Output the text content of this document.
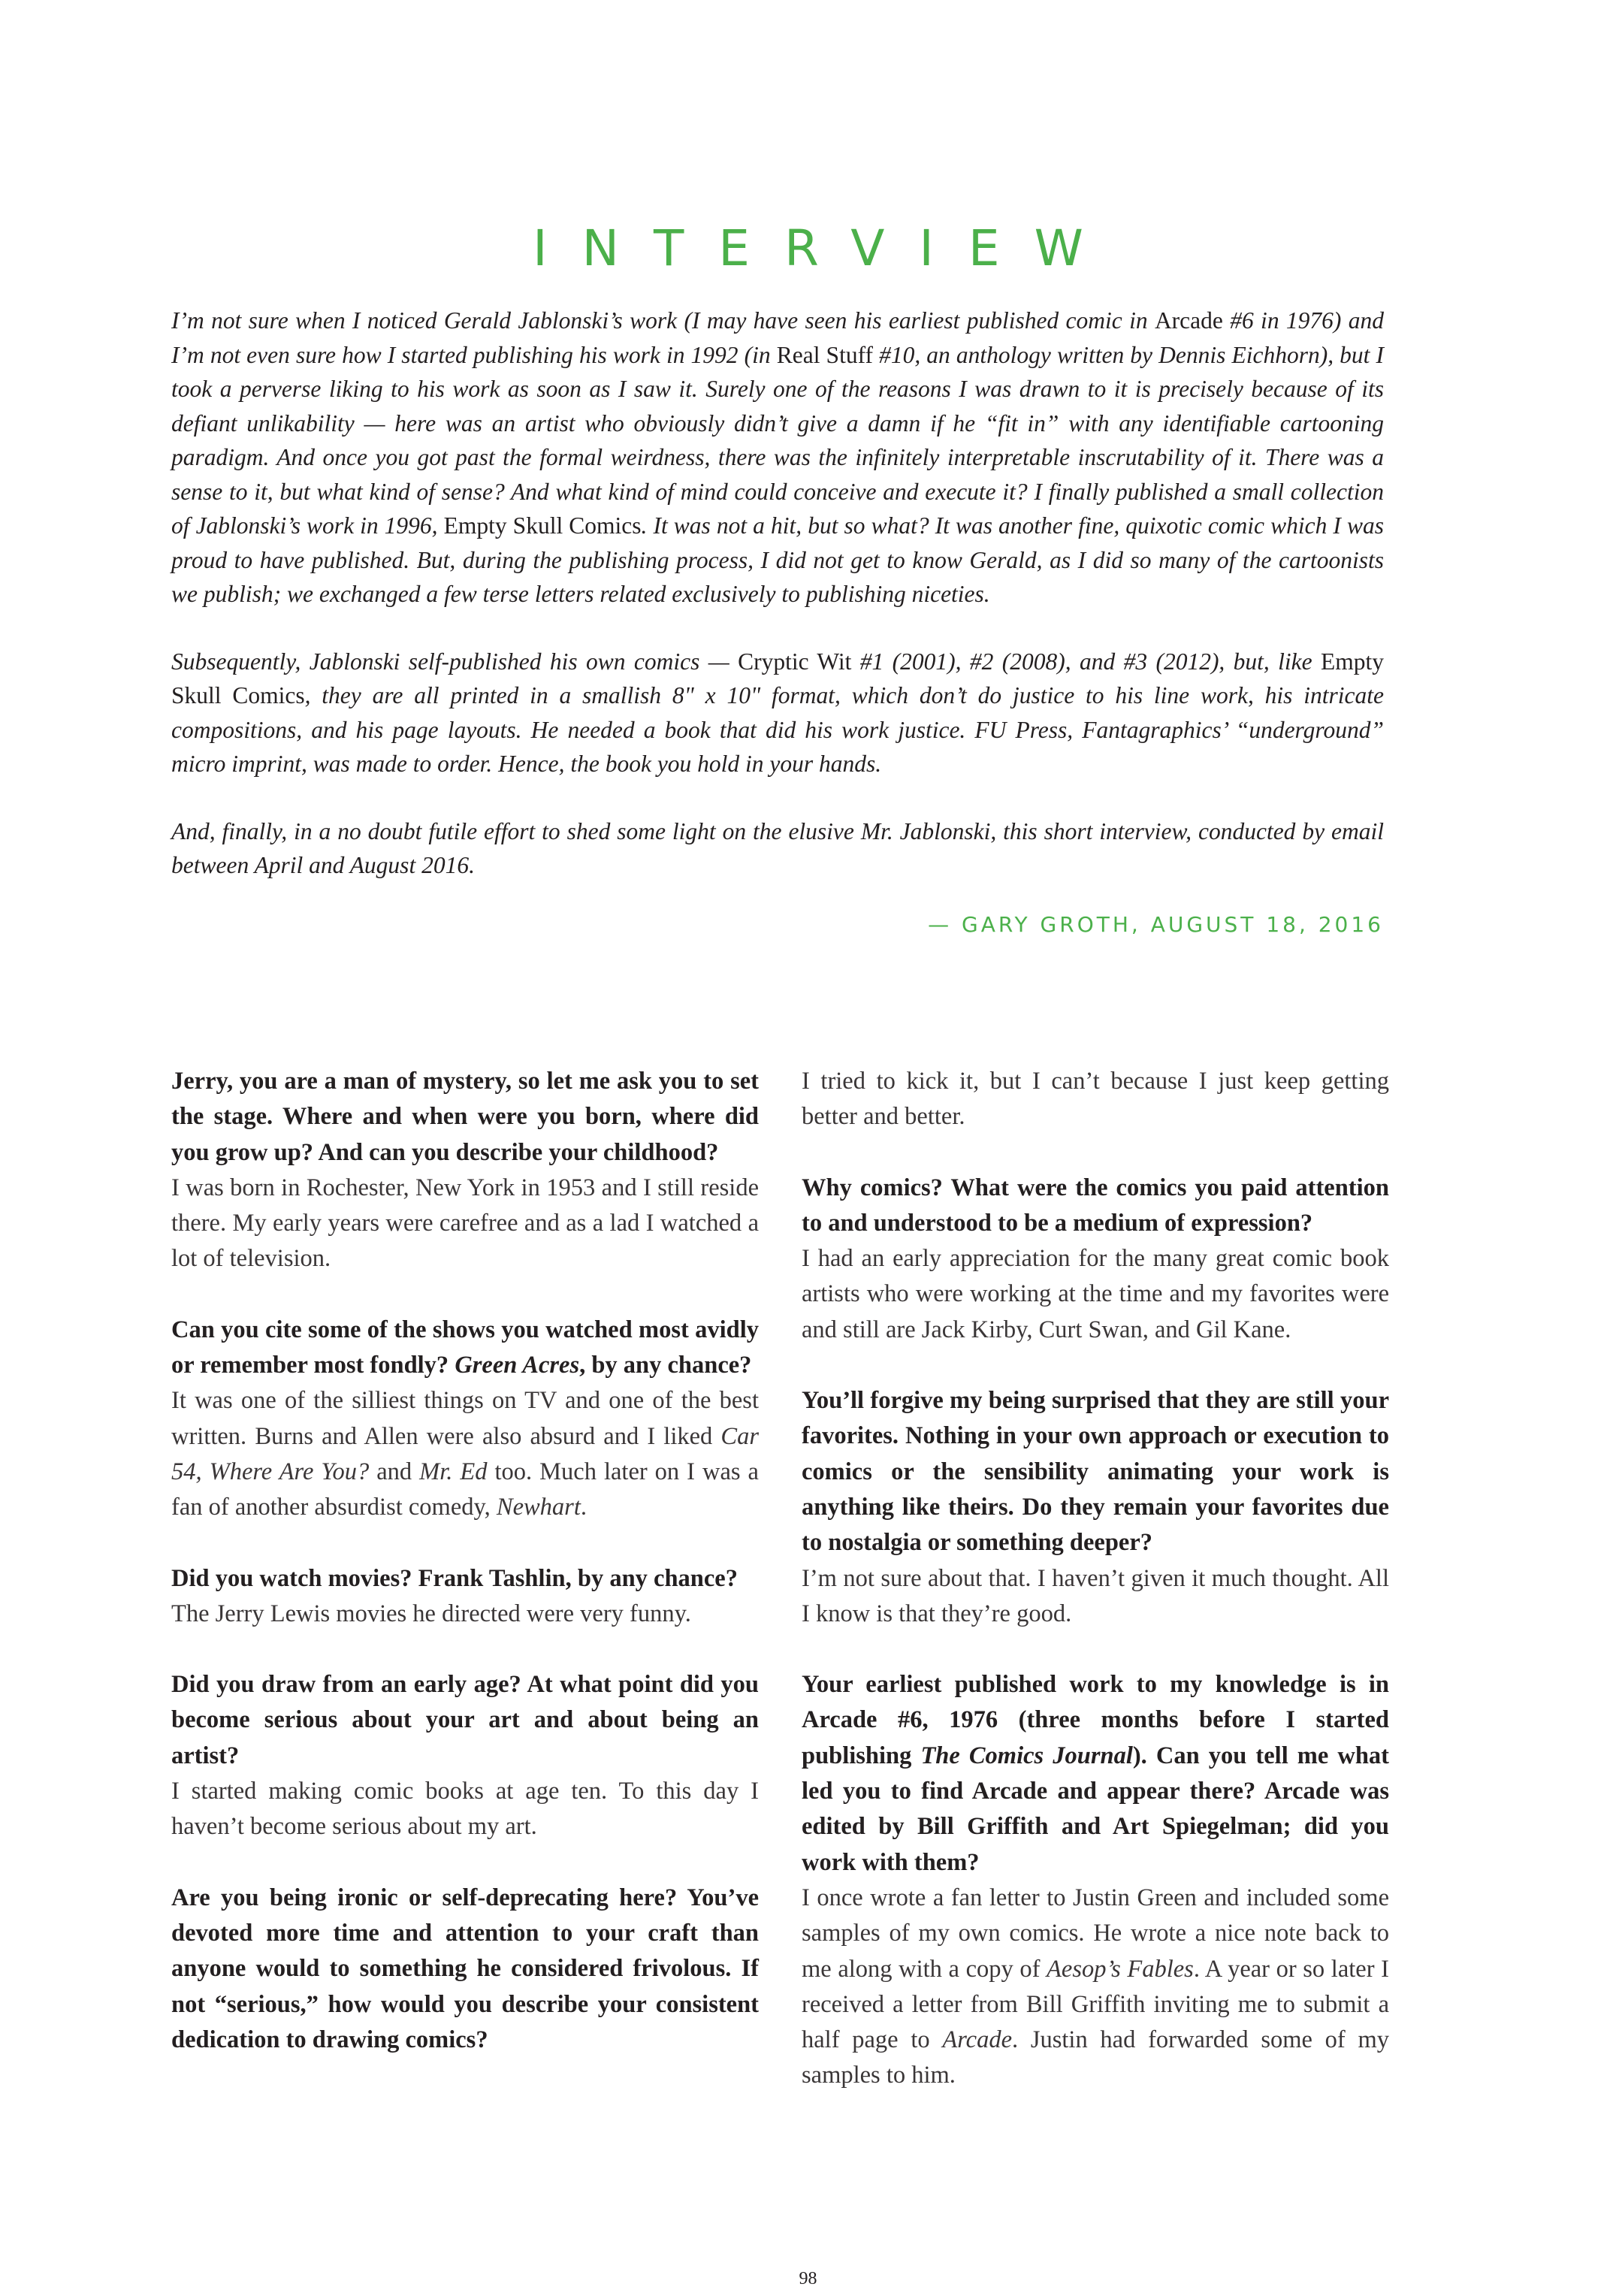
INTERVIEW

I’m not sure when I noticed Gerald Jablonski’s work (I may have seen his earliest published comic in Arcade #6 in 1976) and I’m not even sure how I started publishing his work in 1992 (in Real Stuff #10, an anthology written by Dennis Eichhorn), but I took a perverse liking to his work as soon as I saw it. Surely one of the reasons I was drawn to it is precisely because of its defiant unlikability — here was an artist who obviously didn’t give a damn if he “fit in” with any identifiable cartooning paradigm. And once you got past the formal weirdness, there was the infinitely interpretable inscrutability of it. There was a sense to it, but what kind of sense? And what kind of mind could conceive and execute it? I finally published a small collection of Jablonski’s work in 1996, Empty Skull Comics. It was not a hit, but so what? It was another fine, quixotic comic which I was proud to have published. But, during the publishing process, I did not get to know Gerald, as I did so many of the cartoonists we publish; we exchanged a few terse letters related exclusively to publishing niceties.

Subsequently, Jablonski self-published his own comics — Cryptic Wit #1 (2001), #2 (2008), and #3 (2012), but, like Empty Skull Comics, they are all printed in a smallish 8" x 10" format, which don’t do justice to his line work, his intricate compositions, and his page layouts. He needed a book that did his work justice. FU Press, Fantagraphics’ “underground” micro imprint, was made to order. Hence, the book you hold in your hands.

And, finally, in a no doubt futile effort to shed some light on the elusive Mr. Jablonski, this short interview, conducted by email between April and August 2016.

— GARY GROTH, AUGUST 18, 2016

Jerry, you are a man of mystery, so let me ask you to set the stage. Where and when were you born, where did you grow up? And can you describe your childhood?

I was born in Rochester, New York in 1953 and I still reside there. My early years were carefree and as a lad I watched a lot of television.

Can you cite some of the shows you watched most avidly or remember most fondly? Green Acres, by any chance?

It was one of the silliest things on TV and one of the best written. Burns and Allen were also absurd and I liked Car 54, Where Are You? and Mr. Ed too. Much later on I was a fan of another absurdist comedy, Newhart.

Did you watch movies? Frank Tashlin, by any chance?

The Jerry Lewis movies he directed were very funny.

Did you draw from an early age? At what point did you become serious about your art and about being an artist?

I started making comic books at age ten. To this day I haven’t become serious about my art.

Are you being ironic or self-deprecating here? You’ve devoted more time and attention to your craft than anyone would to something he considered frivolous. If not “serious,” how would you describe your consistent dedication to drawing comics?

I tried to kick it, but I can’t because I just keep getting better and better.

Why comics? What were the comics you paid attention to and understood to be a medium of expression?

I had an early appreciation for the many great comic book artists who were working at the time and my favorites were and still are Jack Kirby, Curt Swan, and Gil Kane.

You’ll forgive my being surprised that they are still your favorites. Nothing in your own approach or execution to comics or the sensibility animating your work is anything like theirs. Do they remain your favorites due to nostalgia or something deeper?

I’m not sure about that. I haven’t given it much thought. All I know is that they’re good.

Your earliest published work to my knowledge is in Arcade #6, 1976 (three months before I started publishing The Comics Journal). Can you tell me what led you to find Arcade and appear there? Arcade was edited by Bill Griffith and Art Spiegelman; did you work with them?

I once wrote a fan letter to Justin Green and included some samples of my own comics. He wrote a nice note back to me along with a copy of Aesop’s Fables. A year or so later I received a letter from Bill Griffith inviting me to submit a half page to Arcade. Justin had forwarded some of my samples to him.

98
